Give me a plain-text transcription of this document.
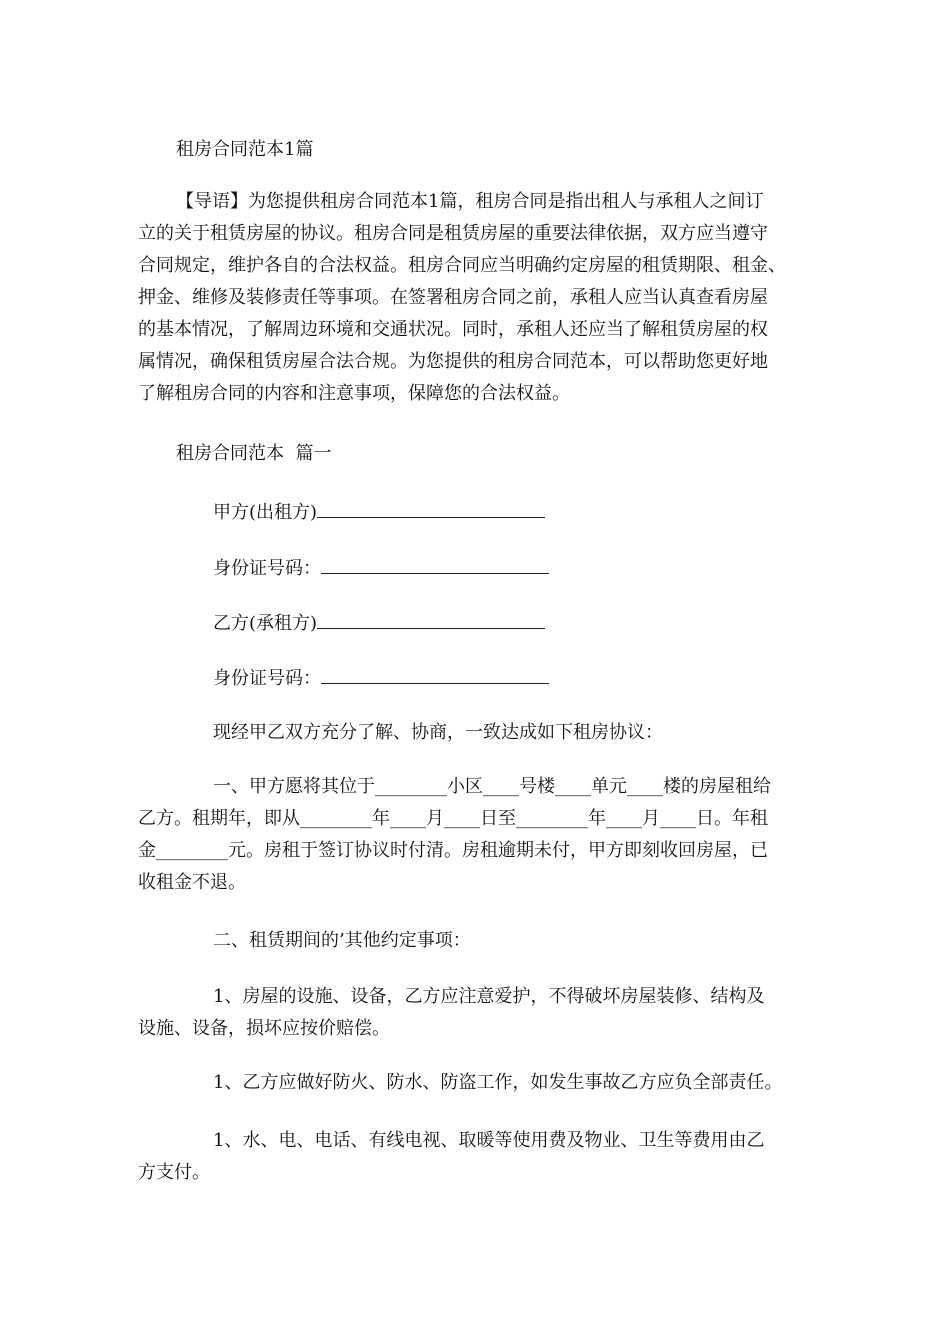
租房合同范本1篇

【导语】为您提供租房合同范本1篇，租房合同是指出租人与承租人之间订
立的关于租赁房屋的协议。租房合同是租赁房屋的重要法律依据，双方应当遵守
合同规定，维护各自的合法权益。租房合同应当明确约定房屋的租赁期限、租金、
押金、维修及装修责任等事项。在签署租房合同之前，承租人应当认真查看房屋
的基本情况，了解周边环境和交通状况。同时，承租人还应当了解租赁房屋的权
属情况，确保租赁房屋合法合规。为您提供的租房合同范本，可以帮助您更好地
了解租房合同的内容和注意事项，保障您的合法权益。

租房合同范本  篇一

甲方(出租方)
身份证号码：
乙方(承租方)
身份证号码：

现经甲乙双方充分了解、协商，一致达成如下租房协议：

一、甲方愿将其位于________小区____号楼____单元____楼的房屋租给
乙方。租期年，即从________年____月____日至________年____月____日。年租
金________元。房租于签订协议时付清。房租逾期未付，甲方即刻收回房屋，已
收租金不退。

二、租赁期间的’其他约定事项：

1、房屋的设施、设备，乙方应注意爱护，不得破坏房屋装修、结构及
设施、设备，损坏应按价赔偿。

1、乙方应做好防火、防水、防盗工作，如发生事故乙方应负全部责任。

1、水、电、电话、有线电视、取暖等使用费及物业、卫生等费用由乙
方支付。
